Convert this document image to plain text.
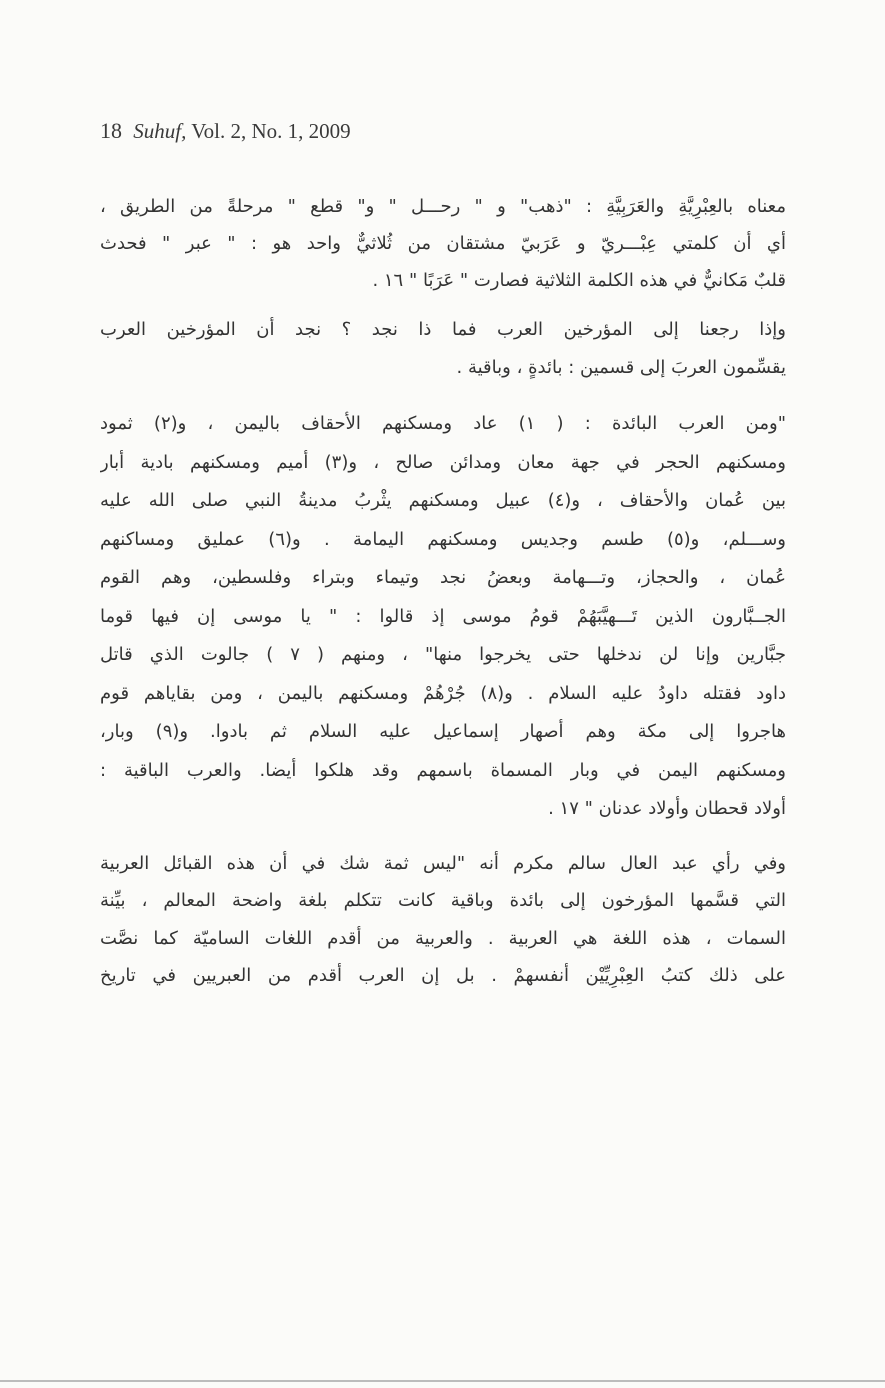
18 Suhuf, Vol. 2, No. 1, 2009
معناه بالعِبْرِيَّةِ والعَرَبِيَّةِ : "ذهب" و " رحـــل " و" قطع " مرحلةً من الطريق ،
أي أن كلمتي عِبْـــريّ و عَرَبيّ مشتقان من ثُلاثيٌّ واحد هو : " عبر " فحدث
قلبٌ مَكانيٌّ في هذه الكلمة الثلاثية فصارت " عَرَبًا " ١٦ .
وإذا رجعنا إلى المؤرخين العرب فما ذا نجد ؟ نجد أن المؤرخين العرب
يقسِّمون العربَ إلى قسمين : بائدةٍ ، وباقية .
"ومن العرب البائدة : ( ١) عاد ومسكنهم الأحقاف باليمن ، و(٢) ثمود
ومسكنهم الحجر في جهة معان ومدائن صالح ، و(٣) أميم ومسكنهم بادية أبار
بين عُمان والأحقاف ، و(٤) عبيل ومسكنهم يثْربُ مدينةُ النبي صلى الله عليه
وســـلم، و(٥) طسم وجديس ومسكنهم اليمامة . و(٦) عمليق ومساكنهم
عُمان ، والحجاز، وتـــهامة وبعضُ نجد وتيماء وبتراء وفلسطين، وهم القوم
الجــبَّارون الذين تَـــهيَّبَهُمْ قومُ موسى إذ قالوا : " يا موسى إن فيها قوما
جبَّارين وإنا لن ندخلها حتى يخرجوا منها" ، ومنهم ( ٧ ) جالوت الذي قاتل
داود فقتله داودُ عليه السلام . و(٨) جُرْهُمْ ومسكنهم باليمن ، ومن بقاياهم قوم
هاجروا إلى مكة وهم أصهار إسماعيل عليه السلام ثم بادوا. و(٩) وبار،
ومسكنهم اليمن في وبار المسماة باسمهم وقد هلكوا أيضا. والعرب الباقية :
أولاد قحطان وأولاد عدنان " ١٧ .
وفي رأي عبد العال سالم مكرم أنه "ليس ثمة شك في أن هذه القبائل العربية
التي قسَّمها المؤرخون إلى بائدة وباقية كانت تتكلم بلغة واضحة المعالم ، بيِّنة
السمات ، هذه اللغة هي العربية . والعربية من أقدم اللغات الساميّة كما نصَّت
على ذلك كتبُ العِبْرِيِّيْن أنفسهمْ . بل إن العرب أقدم من العبريين في تاريخ
